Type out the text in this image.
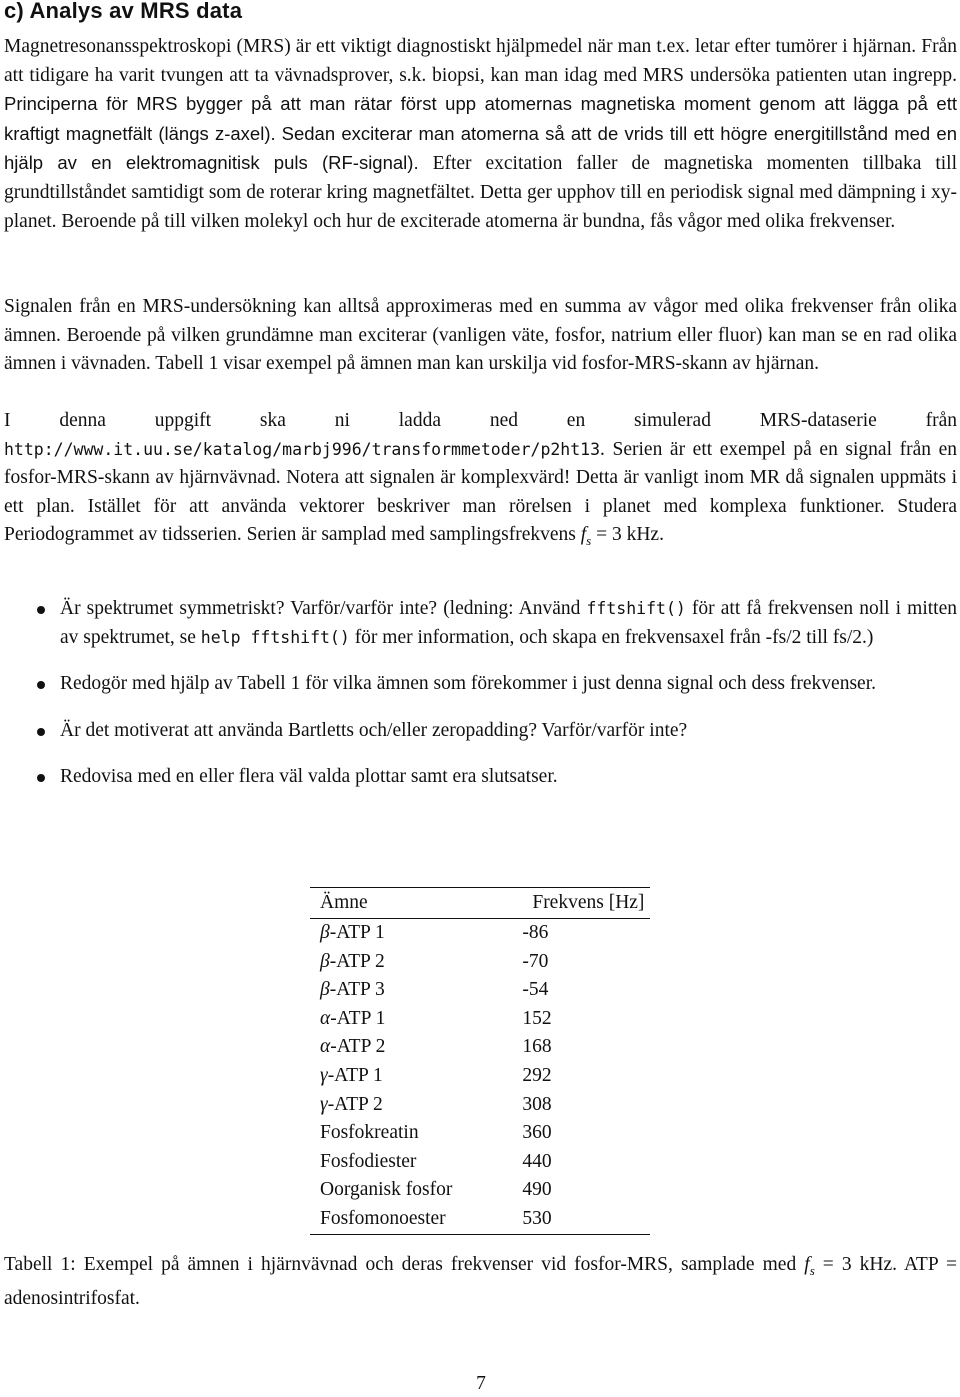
c) Analys av MRS data

Magnetresonansspektroskopi (MRS) är ett viktigt diagnostiskt hjälpmedel när man t.ex. letar efter tumörer i hjärnan. Från att tidigare ha varit tvungen att ta vävnadsprover, s.k. biopsi, kan man idag med MRS undersöka patienten utan ingrepp. Principerna för MRS bygger på att man rätar först upp atomernas magnetiska moment genom att lägga på ett kraftigt magnetfält (längs z-axel). Sedan exciterar man atomerna så att de vrids till ett högre energitillstånd med en hjälp av en elektromagnitisk puls (RF-signal). Efter excitation faller de magnetiska momenten tillbaka till grundtillståndet samtidigt som de roterar kring magnetfältet. Detta ger upphov till en periodisk signal med dämpning i xy-planet. Beroende på till vilken molekyl och hur de exciterade atomerna är bundna, fås vågor med olika frekvenser.

Signalen från en MRS-undersökning kan alltså approximeras med en summa av vågor med olika frekvenser från olika ämnen. Beroende på vilken grundämne man exciterar (vanligen väte, fosfor, natrium eller fluor) kan man se en rad olika ämnen i vävnaden. Tabell 1 visar exempel på ämnen man kan urskilja vid fosfor-MRS-skann av hjärnan.

I denna uppgift ska ni ladda ned en simulerad MRS-dataserie från http://www.it.uu.se/katalog/marbj996/transformmetoder/p2ht13. Serien är ett exempel på en signal från en fosfor-MRS-skann av hjärnvävnad. Notera att signalen är komplexvärd! Detta är vanligt inom MR då signalen uppmäts i ett plan. Istället för att använda vektorer beskriver man rörelsen i planet med komplexa funktioner. Studera Periodogrammet av tidsserien. Serien är samplad med samplingsfrekvens $f_s = 3$ kHz.

Är spektrumet symmetriskt? Varför/varför inte? (ledning: Använd fftshift() för att få frekvensen noll i mitten av spektrumet, se help fftshift() för mer information, och skapa en frekvensaxel från -fs/2 till fs/2.)
Redogör med hjälp av Tabell 1 för vilka ämnen som förekommer i just denna signal och dess frekvenser.
Är det motiverat att använda Bartletts och/eller zeropadding? Varför/varför inte?
Redovisa med en eller flera väl valda plottar samt era slutsatser.
Ämne	Frekvens [Hz]
β-ATP 1	-86
β-ATP 2	-70
β-ATP 3	-54
α-ATP 1	152
α-ATP 2	168
γ-ATP 1	292
γ-ATP 2	308
Fosfokreatin	360
Fosfodiester	440
Oorganisk fosfor	490
Fosfomonoester	530

Tabell 1: Exempel på ämnen i hjärnvävnad och deras frekvenser vid fosfor-MRS, samplade med $f_s = 3$ kHz. ATP = adenosintrifosfat.

7
